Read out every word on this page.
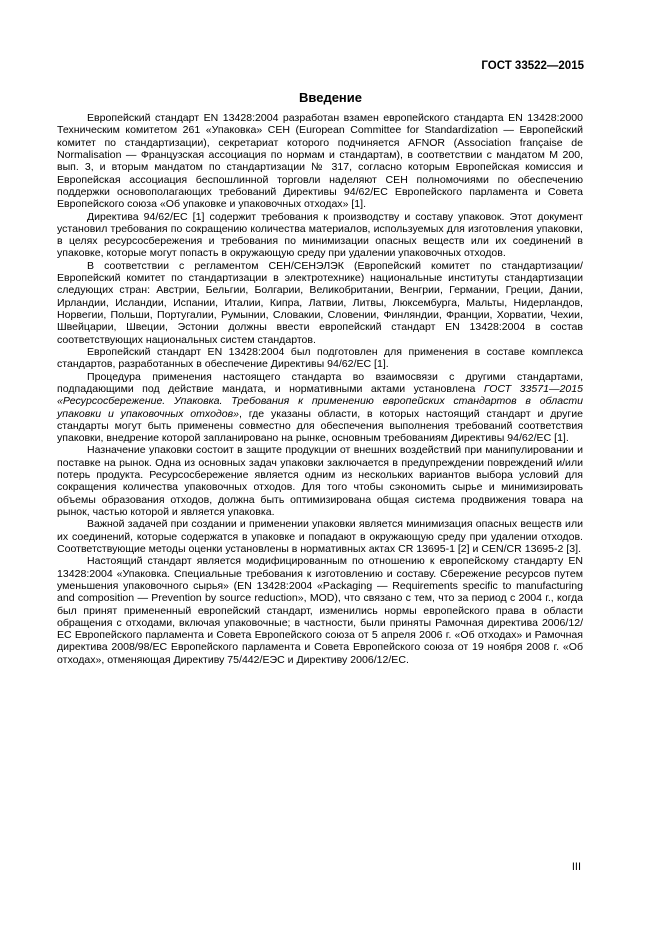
ГОСТ 33522—2015
Введение

Европейский стандарт EN 13428:2004 разработан взамен европейского стандарта EN 13428:2000 Техническим комитетом 261 «Упаковка» СЕН (European Committee for Standardization — Европейский комитет по стандартизации), секретариат которого подчиняется AFNOR (Association française de Normalisation — Французская ассоциация по нормам и стандартам), в соответствии с мандатом М 200, вып. 3, и вторым мандатом по стандартизации № 317, согласно которым Европейская комиссия и Европейская ассоциация беспошлинной торговли наделяют СЕН полномочиями по обеспечению поддержки основополагающих требований Директивы 94/62/ЕС Европейского парламента и Совета Европейского союза «Об упаковке и упаковочных отходах» [1].

Директива 94/62/ЕС [1] содержит требования к производству и составу упаковок. Этот документ установил требования по сокращению количества материалов, используемых для изготовления упаковки, в целях ресурсосбережения и требования по минимизации опасных веществ или их соединений в упаковке, которые могут попасть в окружающую среду при удалении упаковочных отходов.

В соответствии с регламентом СЕН/СЕНЭЛЭК (Европейский комитет по стандартизации/Европейский комитет по стандартизации в электротехнике) национальные институты стандартизации следующих стран: Австрии, Бельгии, Болгарии, Великобритании, Венгрии, Германии, Греции, Дании, Ирландии, Исландии, Испании, Италии, Кипра, Латвии, Литвы, Люксембурга, Мальты, Нидерландов, Норвегии, Польши, Португалии, Румынии, Словакии, Словении, Финляндии, Франции, Хорватии, Чехии, Швейцарии, Швеции, Эстонии должны ввести европейский стандарт EN 13428:2004 в состав соответствующих национальных систем стандартов.

Европейский стандарт EN 13428:2004 был подготовлен для применения в составе комплекса стандартов, разработанных в обеспечение Директивы 94/62/ЕС [1].

Процедура применения настоящего стандарта во взаимосвязи с другими стандартами, подпадающими под действие мандата, и нормативными актами установлена ГОСТ 33571—2015 «Ресурсосбережение. Упаковка. Требования к применению европейских стандартов в области упаковки и упаковочных отходов», где указаны области, в которых настоящий стандарт и другие стандарты могут быть применены совместно для обеспечения выполнения требований соответствия упаковки, внедрение которой запланировано на рынке, основным требованиям Директивы 94/62/ЕС [1].

Назначение упаковки состоит в защите продукции от внешних воздействий при манипулировании и поставке на рынок. Одна из основных задач упаковки заключается в предупреждении повреждений и/или потерь продукта. Ресурсосбережение является одним из нескольких вариантов выбора условий для сокращения количества упаковочных отходов. Для того чтобы сэкономить сырье и минимизировать объемы образования отходов, должна быть оптимизирована общая система продвижения товара на рынок, частью которой и является упаковка.

Важной задачей при создании и применении упаковки является минимизация опасных веществ или их соединений, которые содержатся в упаковке и попадают в окружающую среду при удалении отходов. Соответствующие методы оценки установлены в нормативных актах CR 13695-1 [2] и CEN/CR 13695-2 [3].

Настоящий стандарт является модифицированным по отношению к европейскому стандарту EN 13428:2004 «Упаковка. Специальные требования к изготовлению и составу. Сбережение ресурсов путем уменьшения упаковочного сырья» (EN 13428:2004 «Packaging — Requirements specific to manufacturing and composition — Prevention by source reduction», MOD), что связано с тем, что за период с 2004 г., когда был принят примененный европейский стандарт, изменились нормы европейского права в области обращения с отходами, включая упаковочные; в частности, были приняты Рамочная директива 2006/12/ЕС Европейского парламента и Совета Европейского союза от 5 апреля 2006 г. «Об отходах» и Рамочная директива 2008/98/ЕС Европейского парламента и Совета Европейского союза от 19 ноября 2008 г. «Об отходах», отменяющая Директиву 75/442/ЕЭС и Директиву 2006/12/ЕС.

III
